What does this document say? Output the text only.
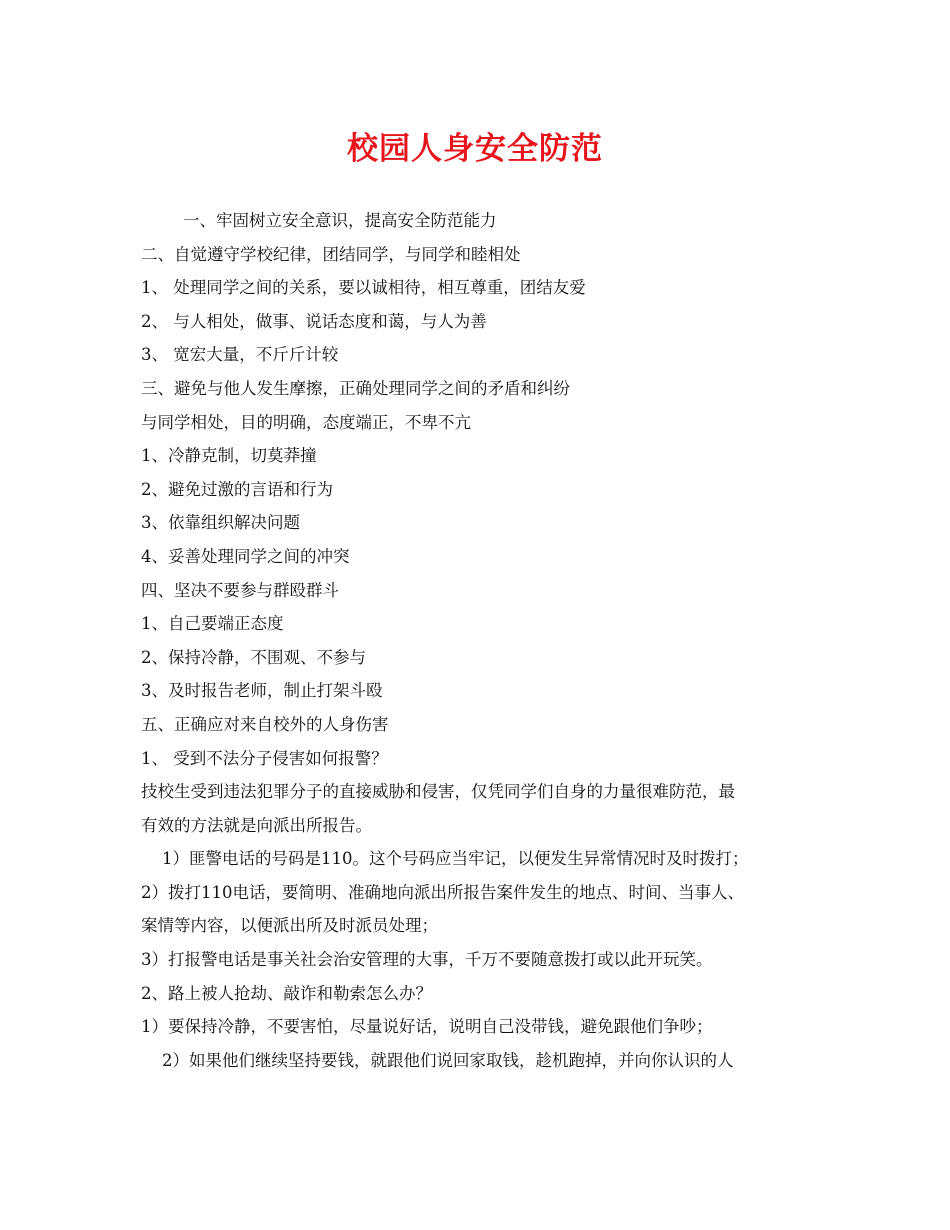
校园人身安全防范
一、牢固树立安全意识，提高安全防范能力
二、自觉遵守学校纪律，团结同学，与同学和睦相处
1、 处理同学之间的关系，要以诚相待，相互尊重，团结友爱
2、 与人相处，做事、说话态度和蔼，与人为善
3、 宽宏大量，不斤斤计较
三、避免与他人发生摩擦，正确处理同学之间的矛盾和纠纷
与同学相处，目的明确，态度端正，不卑不亢
1、冷静克制，切莫莽撞
2、避免过激的言语和行为
3、依靠组织解决问题
4、妥善处理同学之间的冲突
四、坚决不要参与群殴群斗
1、自己要端正态度
2、保持冷静，不围观、不参与
3、及时报告老师，制止打架斗殴
五、正确应对来自校外的人身伤害
1、 受到不法分子侵害如何报警？
技校生受到违法犯罪分子的直接威胁和侵害，仅凭同学们自身的力量很难防范，最
有效的方法就是向派出所报告。
1）匪警电话的号码是110。这个号码应当牢记，以便发生异常情况时及时拨打；
2）拨打110电话，要简明、准确地向派出所报告案件发生的地点、时间、当事人、
案情等内容，以便派出所及时派员处理；
3）打报警电话是事关社会治安管理的大事，千万不要随意拨打或以此开玩笑。
2、路上被人抢劫、敲诈和勒索怎么办？
1）要保持冷静，不要害怕，尽量说好话，说明自己没带钱，避免跟他们争吵；
2）如果他们继续坚持要钱，就跟他们说回家取钱，趁机跑掉，并向你认识的人
